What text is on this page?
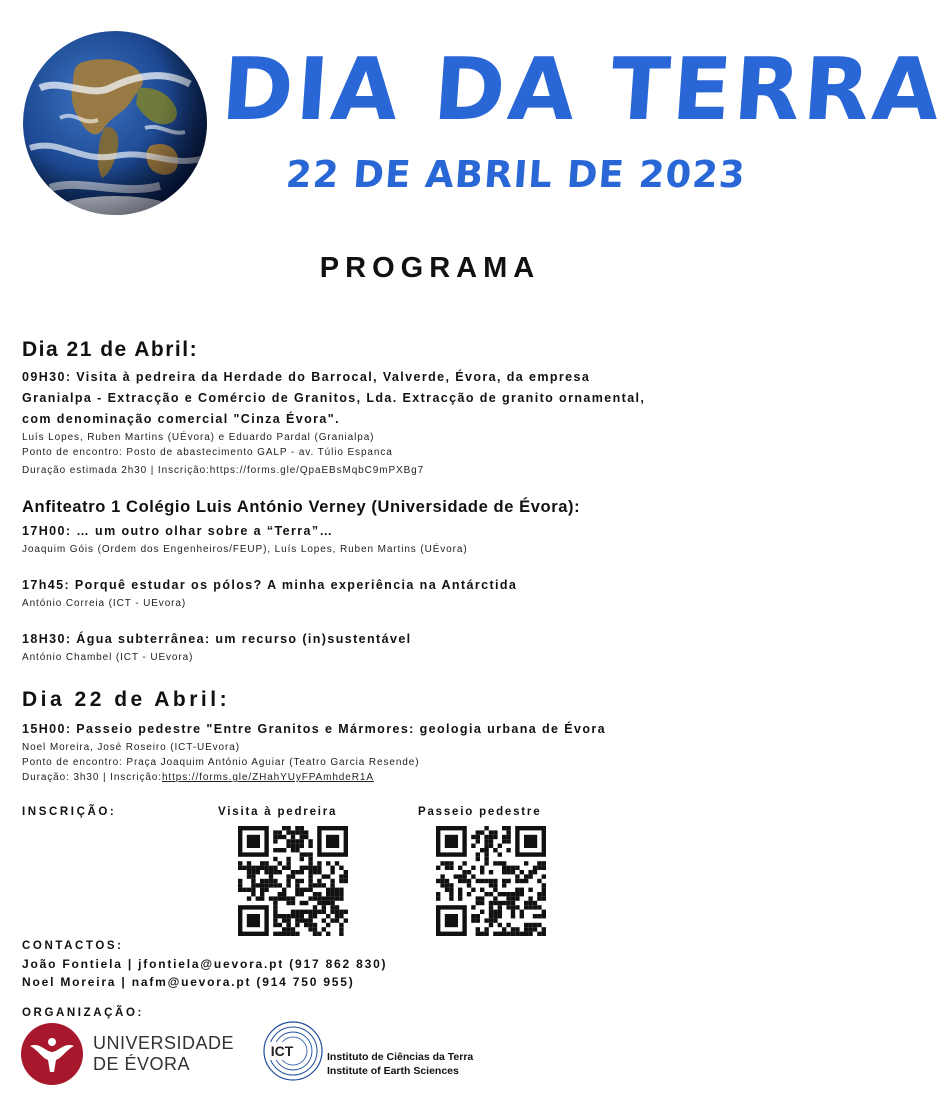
DIA DA TERRA
22 DE ABRIL DE 2023
PROGRAMA
Dia 21 de Abril:
09H30: Visita à pedreira da Herdade do Barrocal, Valverde, Évora, da empresa
Granialpa - Extracção e Comércio de Granitos, Lda. Extracção de granito ornamental,
com denominação comercial "Cinza Évora".
Luís Lopes, Ruben Martins (UÉvora) e Eduardo Pardal (Granialpa)
Ponto de encontro: Posto de abastecimento GALP - av. Túlio Espanca
Duração estimada 2h30 | Inscrição:https://forms.gle/QpaEBsMqbC9mPXBg7
Anfiteatro 1 Colégio Luis António Verney (Universidade de Évora):
17H00: … um outro olhar sobre a “Terra”…
Joaquim Góis (Ordem dos Engenheiros/FEUP), Luís Lopes, Ruben Martins (UÉvora)
17h45: Porquê estudar os pólos? A minha experiência na Antárctida
António Correia (ICT - UEvora)
18H30: Água subterrânea: um recurso (in)sustentável
António Chambel (ICT - UEvora)
Dia 22 de Abril:
15H00: Passeio pedestre "Entre Granitos e Mármores: geologia urbana de Évora
Noel Moreira, José Roseiro (ICT-UEvora)
Ponto de encontro: Praça Joaquim António Aguiar (Teatro Garcia Resende)
Duração: 3h30 | Inscrição:https://forms.gle/ZHahYUyFPAmhdeR1A
INSCRIÇÃO:	Visita à pedreira	Passeio pedestre
CONTACTOS:
João Fontiela | jfontiela@uevora.pt (917 862 830)
Noel Moreira | nafm@uevora.pt (914 750 955)
ORGANIZAÇÃO:
UNIVERSIDADE
DE ÉVORA
ICT	Instituto de Ciências da Terra
Institute of Earth Sciences
